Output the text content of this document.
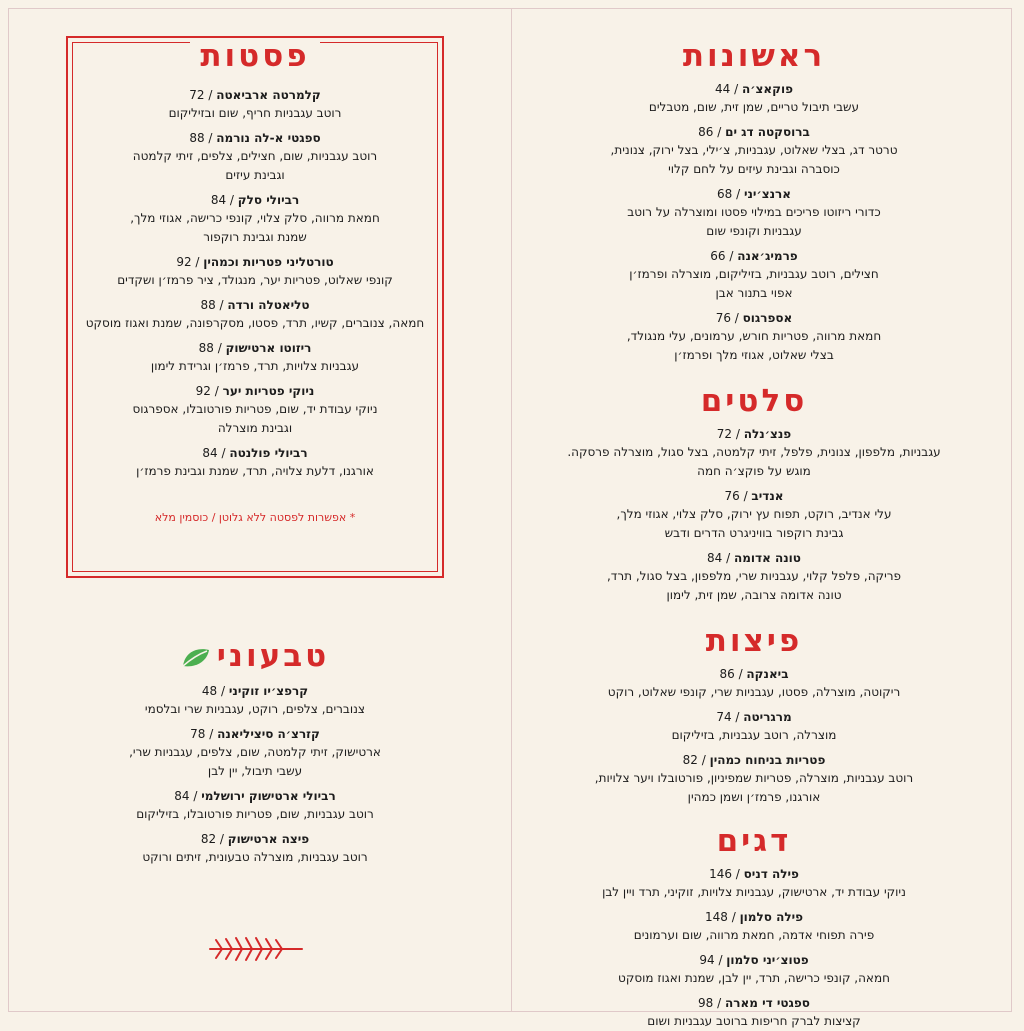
ראשונות
פוקאצ׳ה / 44
עשבי תיבול טריים, שמן זית, שום, מטבלים
ברוסקטה דג ים / 86
טרטר דג, בצלי שאלוט, עגבניות, צ׳ילי, בצל ירוק, צנונית,
כוסברה וגבינת עיזים על לחם קלוי
ארנצ׳יני / 68
כדורי ריזוטו פריכים במילוי פסטו ומוצרלה על רוטב
עגבניות וקונפי שום
פרמיג׳אנה / 66
חצילים, רוטב עגבניות, בזיליקום, מוצרלה ופרמז׳ן
אפוי בתנור אבן
אספרגוס / 76
חמאת מרווה, פטריות חורש, ערמונים, עלי מנגולד,
בצלי שאלוט, אגוזי מלך ופרמז׳ן
סלטים
פנצ׳נלה / 72
עגבניות, מלפפון, צנונית, פלפל, זיתי קלמטה, בצל סגול, מוצרלה פרסקה.
מוגש על פוקצ׳ה חמה
אנדיב / 76
עלי אנדיב, רוקט, תפוח עץ ירוק, סלק צלוי, אגוזי מלך,
גבינת רוקפור בוויניגרט הדרים ודבש
טונה אדומה / 84
פריקה, פלפל קלוי, עגבניות שרי, מלפפון, בצל סגול, תרד,
טונה אדומה צרובה, שמן זית, לימון
פיצות
ביאנקה / 86
ריקוטה, מוצרלה, פסטו, עגבניות שרי, קונפי שאלוט, רוקט
מרגריטה / 74
מוצרלה, רוטב עגבניות, בזיליקום
פטריות בניחוח כמהין / 82
רוטב עגבניות, מוצרלה, פטריות שמפיניון, פורטובלו ויער צלויות,
אורגנו, פרמז׳ן ושמן כמהין
דגים
פילה דניס / 146
ניוקי עבודת יד, ארטישוק, עגבניות צלויות, זוקיני, תרד ויין לבן
פילה סלמון / 148
פירה תפוחי אדמה, חמאת מרווה, שום וערמונים
פטוצ׳יני סלמון / 94
חמאה, קונפי כרישה, תרד, יין לבן, שמנת ואגוז מוסקט
ספגטי די מארה / 98
קציצות לברק חריפות ברוטב עגבניות ושום
פסטות
קלמרטה ארביאטה / 72
רוטב עגבניות חריף, שום ובזיליקום
ספגטי א-לה נורמה / 88
רוטב עגבניות, שום, חצילים, צלפים, זיתי קלמטה
וגבינת עיזים
רביולי סלק / 84
חמאת מרווה, סלק צלוי, קונפי כרישה, אגוזי מלך,
שמנת וגבינת רוקפור
טורטליני פטריות וכמהין / 92
קונפי שאלוט, פטריות יער, מנגולד, ציר פרמז׳ן ושקדים
טליאטלה ורדה / 88
חמאה, צנוברים, קשיו, תרד, פסטו, מסקרפונה, שמנת ואגוז מוסקט
ריזוטו ארטישוק / 88
עגבניות צלויות, תרד, פרמז׳ן וגרידת לימון
ניוקי פטריות יער / 92
ניוקי עבודת יד, שום, פטריות פורטובלו, אספרגוס
וגבינת מוצרלה
רביולי פולנטה / 84
אורגנו, דלעת צלויה, תרד, שמנת וגבינת פרמז׳ן
* אפשרות לפסטה ללא גלוטן / כוסמין מלא
טבעוני
קרפצ׳יו זוקיני / 48
צנוברים, צלפים, רוקט, עגבניות שרי ובלסמי
קזרצ׳ה סיציליאנה / 78
ארטישוק, זיתי קלמטה, שום, צלפים, עגבניות שרי,
עשבי תיבול, יין לבן
רביולי ארטישוק ירושלמי / 84
רוטב עגבניות, שום, פטריות פורטובלו, בזיליקום
פיצה ארטישוק / 82
רוטב עגבניות, מוצרלה טבעונית, זיתים ורוקט
